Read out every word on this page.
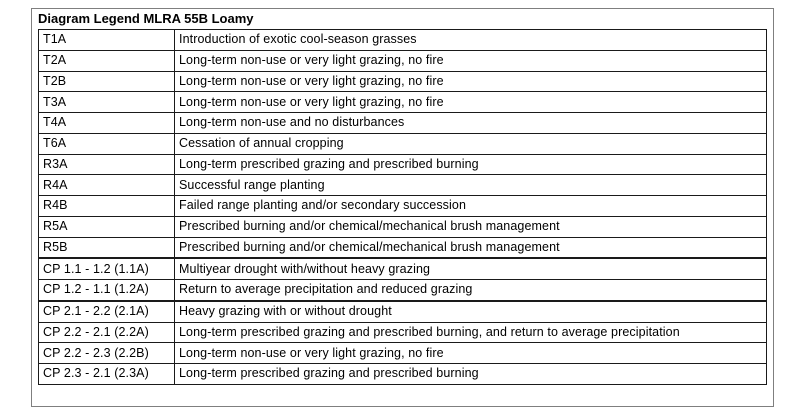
Diagram Legend MLRA 55B Loamy
T1A	Introduction of exotic cool-season grasses
T2A	Long-term non-use or very light grazing, no fire
T2B	Long-term non-use or very light grazing, no fire
T3A	Long-term non-use or very light grazing, no fire
T4A	Long-term non-use and no disturbances
T6A	Cessation of annual cropping
R3A	Long-term prescribed grazing and prescribed burning
R4A	Successful range planting
R4B	Failed range planting and/or secondary succession
R5A	Prescribed burning and/or chemical/mechanical brush management
R5B	Prescribed burning and/or chemical/mechanical brush management
CP 1.1 - 1.2 (1.1A)	Multiyear drought with/without heavy grazing
CP 1.2 - 1.1 (1.2A)	Return to average precipitation and reduced grazing
CP 2.1 - 2.2 (2.1A)	Heavy grazing with or without drought
CP 2.2 - 2.1 (2.2A)	Long-term prescribed grazing and prescribed burning, and return to average precipitation
CP 2.2 - 2.3 (2.2B)	Long-term non-use or very light grazing, no fire
CP 2.3 - 2.1 (2.3A)	Long-term prescribed grazing and prescribed burning
